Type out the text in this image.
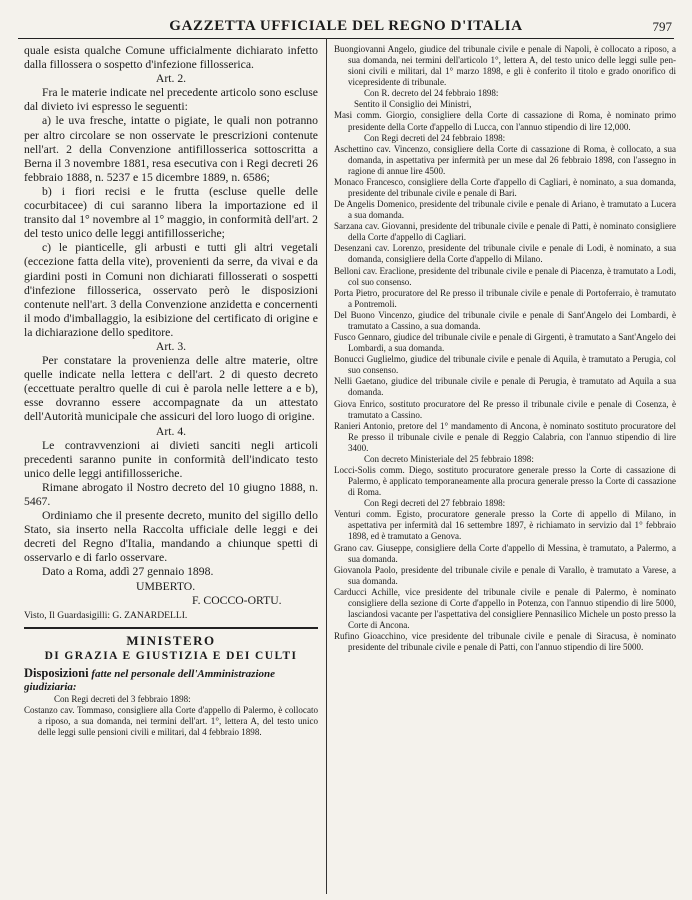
GAZZETTA UFFICIALE DEL REGNO D'ITALIA	797

quale esista qualche Comune ufficialmente dichiarato infetto dalla fillossera o sospetto d'infezione fillosserica.

Art. 2.

Fra le materie indicate nel precedente articolo sono escluse dal divieto ivi espresso le seguenti:

a) le uva fresche, intatte o pigiate, le quali non potranno per altro circolare se non osservate le prescrizioni contenute nell'art. 2 della Convenzione antifillosserica sottoscritta a Berna il 3 novembre 1881, resa esecutiva con i Regi decreti 26 febbraio 1888, n. 5237 e 15 dicembre 1889, n. 6586;

b) i fiori recisi e le frutta (escluse quelle delle cocurbitacee) di cui saranno libera la importazione ed il transito dal 1° novembre al 1° maggio, in conformità dell'art. 2 del testo unico delle leggi antifillosseriche;

c) le pianticelle, gli arbusti e tutti gli altri vegetali (eccezione fatta della vite), provenienti da serre, da vivai e da giardini posti in Comuni non dichiarati fillosserati o sospetti d'infezione fillosserica, osservato però le disposizioni contenute nell'art. 3 della Convenzione anzidetta e concernenti il modo d'imballaggio, la esibizione del certificato di origine e la dichiarazione dello speditore.

Art. 3.

Per constatare la provenienza delle altre materie, oltre quelle indicate nella lettera c dell'art. 2 di questo decreto (eccettuate peraltro quelle di cui è parola nelle lettere a e b), esse dovranno essere accompagnate da un attestato dell'Autorità municipale che assicuri del loro luogo di origine.

Art. 4.

Le contravvenzioni ai divieti sanciti negli articoli precedenti saranno punite in conformità dell'indicato testo unico delle leggi antifillosseriche.

Rimane abrogato il Nostro decreto del 10 giugno 1888, n. 5467.

Ordiniamo che il presente decreto, munito del sigillo dello Stato, sia inserto nella Raccolta ufficiale delle leggi e dei decreti del Regno d'Italia, mandando a chiunque spetti di osservarlo e di farlo osservare.

Dato a Roma, addì 27 gennaio 1898.

UMBERTO.
F. COCCO-ORTU.
Visto, Il Guardasigilli: G. ZANARDELLI.
MINISTERO
DI GRAZIA E GIUSTIZIA E DEI CULTI
Disposizioni fatte nel personale dell'Amministrazione giudiziaria:

Con Regi decreti del 3 febbraio 1898:

Costanzo cav. Tommaso, consigliere alla Corte d'appello di Palermo, è collocato a riposo, a sua domanda, nei termini dell'art. 1°, lettera A, del testo unico delle leggi sulle pensioni civili e militari, dal 4 febbraio 1898.

Buongiovanni Angelo, giudice del tribunale civile e penale di Napoli, è collocato a riposo, a sua domanda, nei termini dell'articolo 1°, lettera A, del testo unico delle leggi sulle pensioni civili e militari, dal 1° marzo 1898, e gli è conferito il titolo e grado onorifico di vicepresidente di tribunale.

Con R. decreto del 24 febbraio 1898:

Sentito il Consiglio dei Ministri,

Masi comm. Giorgio, consigliere della Corte di cassazione di Roma, è nominato primo presidente della Corte d'appello di Lucca, con l'annuo stipendio di lire 12,000.

Con Regi decreti del 24 febbraio 1898:

Aschettino cav. Vincenzo, consigliere della Corte di cassazione di Roma, è collocato, a sua domanda, in aspettativa per infermità per un mese dal 26 febbraio 1898, con l'assegno in ragione di annue lire 4500.

Monaco Francesco, consigliere della Corte d'appello di Cagliari, è nominato, a sua domanda, presidente del tribunale civile e penale di Bari.

De Angelis Domenico, presidente del tribunale civile e penale di Ariano, è tramutato a Lucera a sua domanda.

Sarzana cav. Giovanni, presidente del tribunale civile e penale di Patti, è nominato consigliere della Corte d'appello di Cagliari.

Desenzani cav. Lorenzo, presidente del tribunale civile e penale di Lodi, è nominato, a sua domanda, consigliere della Corte d'appello di Milano.

Belloni cav. Eraclione, presidente del tribunale civile e penale di Piacenza, è tramutato a Lodi, col suo consenso.

Porta Pietro, procuratore del Re presso il tribunale civile e penale di Portoferraio, è tramutato a Pontremoli.

Del Buono Vincenzo, giudice del tribunale civile e penale di Sant'Angelo dei Lombardi, è tramutato a Cassino, a sua domanda.

Fusco Gennaro, giudice del tribunale civile e penale di Girgenti, è tramutato a Sant'Angelo dei Lombardi, a sua domanda.

Bonucci Guglielmo, giudice del tribunale civile e penale di Aquila, è tramutato a Perugia, col suo consenso.

Nelli Gaetano, giudice del tribunale civile e penale di Perugia, è tramutato ad Aquila a sua domanda.

Giova Enrico, sostituto procuratore del Re presso il tribunale civile e penale di Cosenza, è tramutato a Cassino.

Ranieri Antonio, pretore del 1° mandamento di Ancona, è nominato sostituto procuratore del Re presso il tribunale civile e penale di Reggio Calabria, con l'annuo stipendio di lire 3400.

Con decreto Ministeriale del 25 febbraio 1898:

Locci-Solis comm. Diego, sostituto procuratore generale presso la Corte di cassazione di Palermo, è applicato temporaneamente alla procura generale presso la Corte di cassazione di Roma.

Con Regi decreti del 27 febbraio 1898:

Venturi comm. Egisto, procuratore generale presso la Corte di appello di Milano, in aspettativa per infermità dal 16 settembre 1897, è richiamato in servizio dal 1° febbraio 1898, ed è tramutato a Genova.

Grano cav. Giuseppe, consigliere della Corte d'appello di Messina, è tramutato, a Palermo, a sua domanda.

Giovanola Paolo, presidente del tribunale civile e penale di Varallo, è tramutato a Varese, a sua domanda.

Carducci Achille, vice presidente del tribunale civile e penale di Palermo, è nominato consigliere della sezione di Corte d'appello in Potenza, con l'annuo stipendio di lire 5000, lasciandosi vacante per l'aspettativa del consigliere Pennasilico Michele un posto presso la Corte di Ancona.

Rufino Gioacchino, vice presidente del tribunale civile e penale di Siracusa, è nominato presidente del tribunale civile e penale di Patti, con l'annuo stipendio di lire 5000.
